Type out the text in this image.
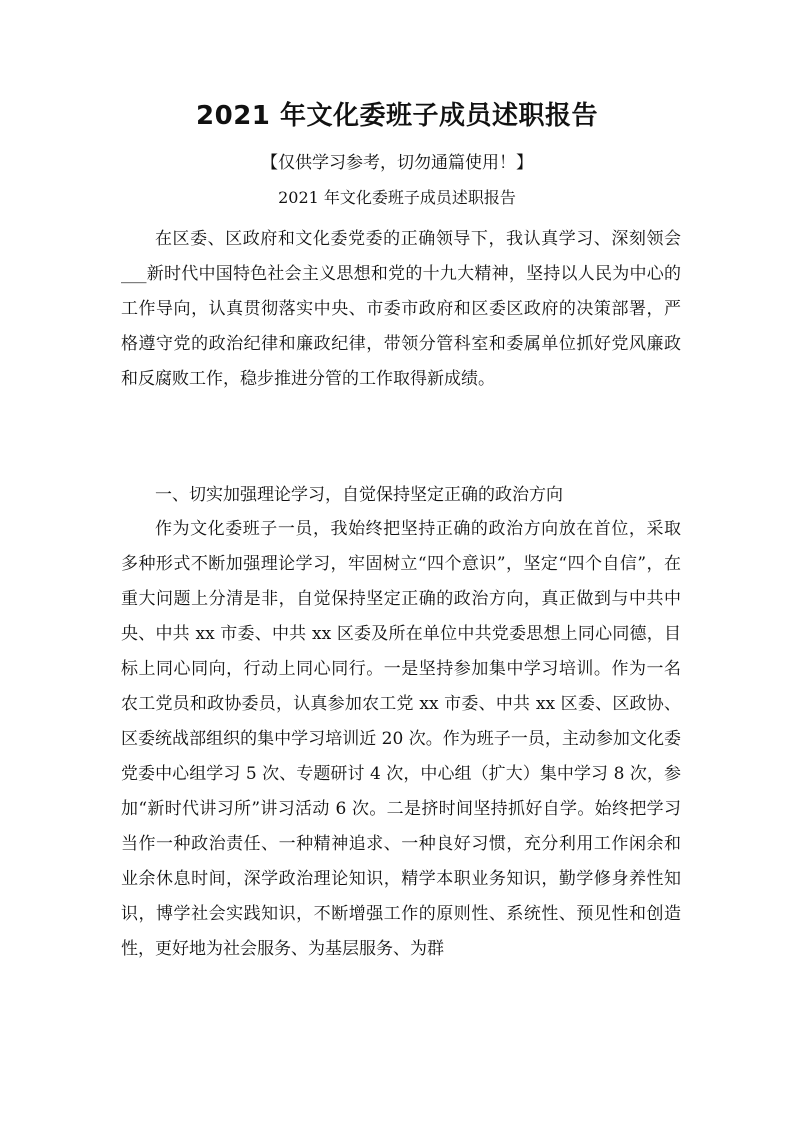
2021 年文化委班子成员述职报告
【仅供学习参考，切勿通篇使用！】
2021 年文化委班子成员述职报告

在区委、区政府和文化委党委的正确领导下，我认真学习、深刻领会___新时代中国特色社会主义思想和党的十九大精神，坚持以人民为中心的工作导向，认真贯彻落实中央、市委市政府和区委区政府的决策部署，严格遵守党的政治纪律和廉政纪律，带领分管科室和委属单位抓好党风廉政和反腐败工作，稳步推进分管的工作取得新成绩。

一、切实加强理论学习，自觉保持坚定正确的政治方向

作为文化委班子一员，我始终把坚持正确的政治方向放在首位，采取多种形式不断加强理论学习，牢固树立“四个意识”，坚定“四个自信”，在重大问题上分清是非，自觉保持坚定正确的政治方向，真正做到与中共中央、中共 xx 市委、中共 xx 区委及所在单位中共党委思想上同心同德，目标上同心同向，行动上同心同行。一是坚持参加集中学习培训。作为一名农工党员和政协委员，认真参加农工党 xx 市委、中共 xx 区委、区政协、区委统战部组织的集中学习培训近 20 次。作为班子一员，主动参加文化委党委中心组学习 5 次、专题研讨 4 次，中心组（扩大）集中学习 8 次，参加“新时代讲习所”讲习活动 6 次。二是挤时间坚持抓好自学。始终把学习当作一种政治责任、一种精神追求、一种良好习惯，充分利用工作闲余和业余休息时间，深学政治理论知识，精学本职业务知识，勤学修身养性知识，博学社会实践知识，不断增强工作的原则性、系统性、预见性和创造性，更好地为社会服务、为基层服务、为群
